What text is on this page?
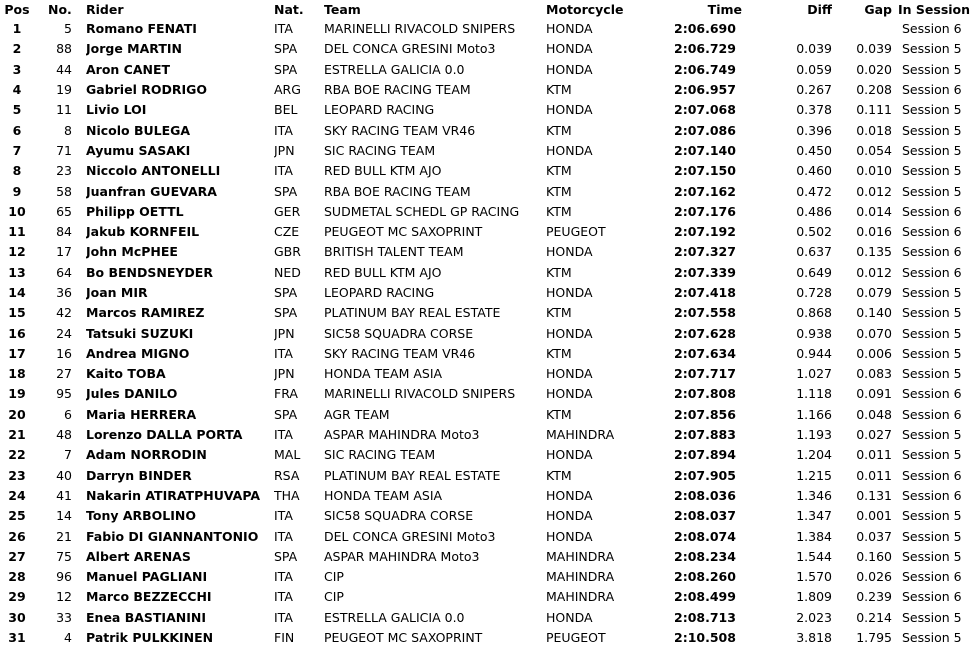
Pos	No.	Rider	Nat.	Team	Motorcycle	Time	Diff	Gap	In Session
1	5	Romano FENATI	ITA	MARINELLI RIVACOLD SNIPERS	HONDA	2:06.690			Session 6
2	88	Jorge MARTIN	SPA	DEL CONCA GRESINI Moto3	HONDA	2:06.729	0.039	0.039	Session 5
3	44	Aron CANET	SPA	ESTRELLA GALICIA 0.0	HONDA	2:06.749	0.059	0.020	Session 5
4	19	Gabriel RODRIGO	ARG	RBA BOE RACING TEAM	KTM	2:06.957	0.267	0.208	Session 6
5	11	Livio LOI	BEL	LEOPARD RACING	HONDA	2:07.068	0.378	0.111	Session 5
6	8	Nicolo BULEGA	ITA	SKY RACING TEAM VR46	KTM	2:07.086	0.396	0.018	Session 5
7	71	Ayumu SASAKI	JPN	SIC RACING TEAM	HONDA	2:07.140	0.450	0.054	Session 5
8	23	Niccolo ANTONELLI	ITA	RED BULL KTM AJO	KTM	2:07.150	0.460	0.010	Session 5
9	58	Juanfran GUEVARA	SPA	RBA BOE RACING TEAM	KTM	2:07.162	0.472	0.012	Session 5
10	65	Philipp OETTL	GER	SUDMETAL SCHEDL GP RACING	KTM	2:07.176	0.486	0.014	Session 6
11	84	Jakub KORNFEIL	CZE	PEUGEOT MC SAXOPRINT	PEUGEOT	2:07.192	0.502	0.016	Session 6
12	17	John McPHEE	GBR	BRITISH TALENT TEAM	HONDA	2:07.327	0.637	0.135	Session 6
13	64	Bo BENDSNEYDER	NED	RED BULL KTM AJO	KTM	2:07.339	0.649	0.012	Session 6
14	36	Joan MIR	SPA	LEOPARD RACING	HONDA	2:07.418	0.728	0.079	Session 5
15	42	Marcos RAMIREZ	SPA	PLATINUM BAY REAL ESTATE	KTM	2:07.558	0.868	0.140	Session 5
16	24	Tatsuki SUZUKI	JPN	SIC58 SQUADRA CORSE	HONDA	2:07.628	0.938	0.070	Session 5
17	16	Andrea MIGNO	ITA	SKY RACING TEAM VR46	KTM	2:07.634	0.944	0.006	Session 5
18	27	Kaito TOBA	JPN	HONDA TEAM ASIA	HONDA	2:07.717	1.027	0.083	Session 5
19	95	Jules DANILO	FRA	MARINELLI RIVACOLD SNIPERS	HONDA	2:07.808	1.118	0.091	Session 6
20	6	Maria HERRERA	SPA	AGR TEAM	KTM	2:07.856	1.166	0.048	Session 6
21	48	Lorenzo DALLA PORTA	ITA	ASPAR MAHINDRA Moto3	MAHINDRA	2:07.883	1.193	0.027	Session 5
22	7	Adam NORRODIN	MAL	SIC RACING TEAM	HONDA	2:07.894	1.204	0.011	Session 5
23	40	Darryn BINDER	RSA	PLATINUM BAY REAL ESTATE	KTM	2:07.905	1.215	0.011	Session 6
24	41	Nakarin ATIRATPHUVAPA	THA	HONDA TEAM ASIA	HONDA	2:08.036	1.346	0.131	Session 6
25	14	Tony ARBOLINO	ITA	SIC58 SQUADRA CORSE	HONDA	2:08.037	1.347	0.001	Session 5
26	21	Fabio DI GIANNANTONIO	ITA	DEL CONCA GRESINI Moto3	HONDA	2:08.074	1.384	0.037	Session 5
27	75	Albert ARENAS	SPA	ASPAR MAHINDRA Moto3	MAHINDRA	2:08.234	1.544	0.160	Session 5
28	96	Manuel PAGLIANI	ITA	CIP	MAHINDRA	2:08.260	1.570	0.026	Session 6
29	12	Marco BEZZECCHI	ITA	CIP	MAHINDRA	2:08.499	1.809	0.239	Session 6
30	33	Enea BASTIANINI	ITA	ESTRELLA GALICIA 0.0	HONDA	2:08.713	2.023	0.214	Session 5
31	4	Patrik PULKKINEN	FIN	PEUGEOT MC SAXOPRINT	PEUGEOT	2:10.508	3.818	1.795	Session 5
